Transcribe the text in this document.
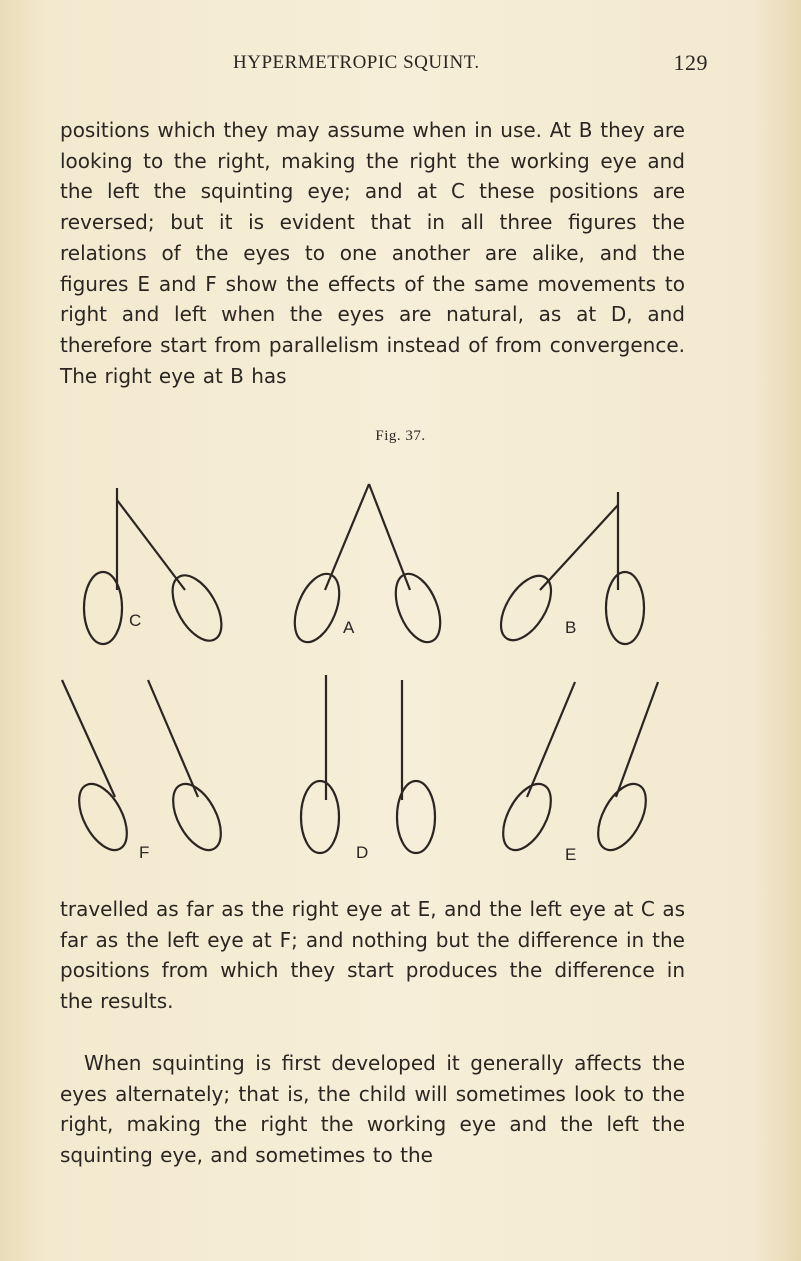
HYPERMETROPIC SQUINT.	129
positions which they may assume when in use. At B they are looking to the right, making the right the working eye and the left the squinting eye; and at C these positions are reversed; but it is evident that in all three figures the relations of the eyes to one another are alike, and the figures E and F show the effects of the same movements to right and left when the eyes are natural, as at D, and therefore start from parallelism instead of from convergence. The right eye at B has
Fig. 37.
C	A	B
F	D	E
travelled as far as the right eye at E, and the left eye at C as far as the left eye at F; and nothing but the difference in the positions from which they start produces the difference in the results.
When squinting is first developed it generally affects the eyes alternately; that is, the child will sometimes look to the right, making the right the working eye and the left the squinting eye, and sometimes to the
